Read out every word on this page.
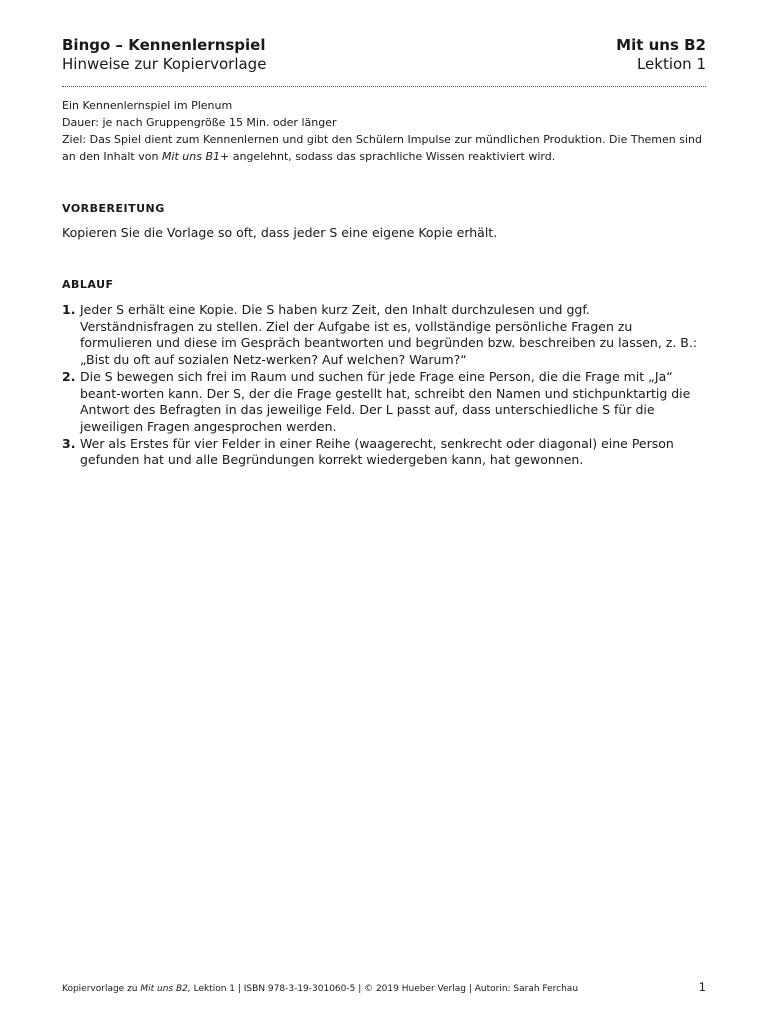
Bingo – Kennenlernspiel	Mit uns B2
Hinweise zur Kopiervorlage	Lektion 1

Ein Kennenlernspiel im Plenum

Dauer: je nach Gruppengröße 15 Min. oder länger

Ziel: Das Spiel dient zum Kennenlernen und gibt den Schülern Impulse zur mündlichen Produktion. Die Themen sind an den Inhalt von Mit uns B1+ angelehnt, sodass das sprachliche Wissen reaktiviert wird.

VORBEREITUNG
Kopieren Sie die Vorlage so oft, dass jeder S eine eigene Kopie erhält.
ABLAUF
1. Jeder S erhält eine Kopie. Die S haben kurz Zeit, den Inhalt durchzulesen und ggf. Verständnisfragen zu stellen. Ziel der Aufgabe ist es, vollständige persönliche Fragen zu formulieren und diese im Gespräch beantworten und begründen bzw. beschreiben zu lassen, z. B.: „Bist du oft auf sozialen Netz-werken? Auf welchen? Warum?“
2. Die S bewegen sich frei im Raum und suchen für jede Frage eine Person, die die Frage mit „Ja“ beant-worten kann. Der S, der die Frage gestellt hat, schreibt den Namen und stichpunktartig die Antwort des Befragten in das jeweilige Feld. Der L passt auf, dass unterschiedliche S für die jeweiligen Fragen angesprochen werden.
3. Wer als Erstes für vier Felder in einer Reihe (waagerecht, senkrecht oder diagonal) eine Person gefunden hat und alle Begründungen korrekt wiedergeben kann, hat gewonnen.
Kopiervorlage zu Mit uns B2, Lektion 1 | ISBN 978-3-19-301060-5 | © 2019 Hueber Verlag | Autorin: Sarah Ferchau	1
